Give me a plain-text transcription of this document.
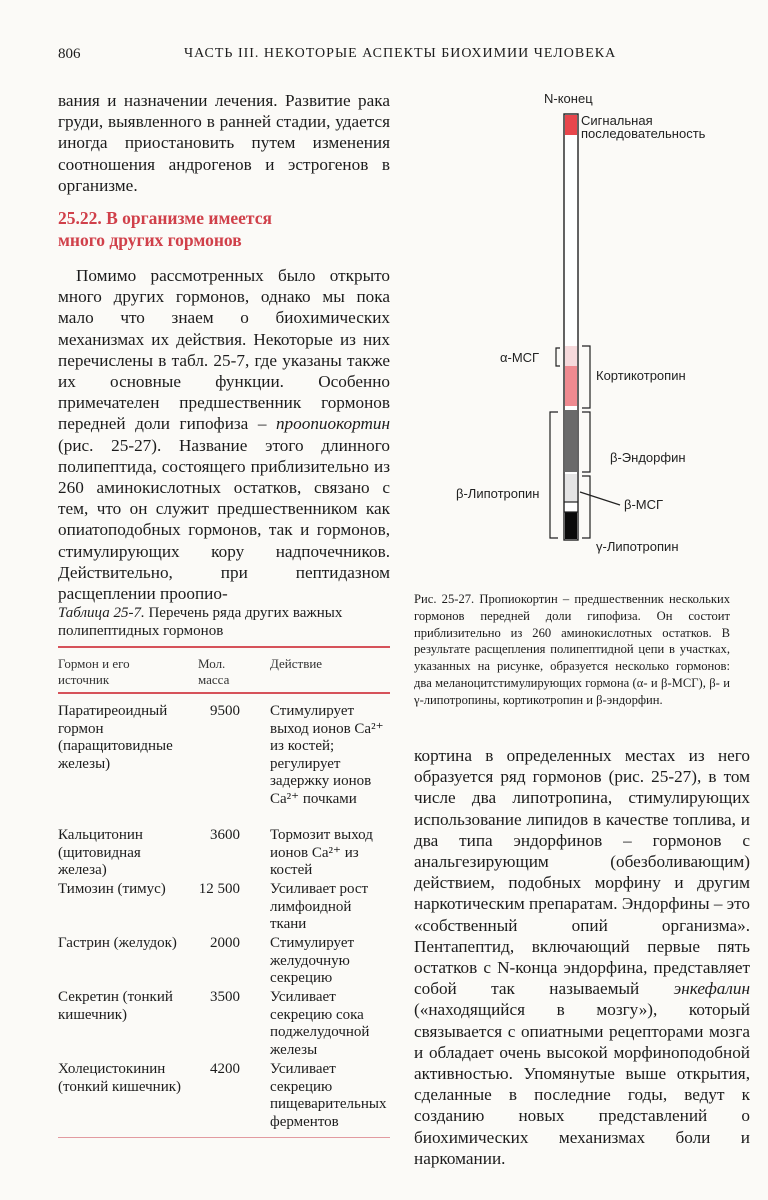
806	ЧАСТЬ III. НЕКОТОРЫЕ АСПЕКТЫ БИОХИМИИ ЧЕЛОВЕКА
вания и назначении лечения. Развитие рака груди, выявленного в ранней стадии, удается иногда приостановить путем изменения соотношения андрогенов и эстрогенов в организме.
25.22. В организме имеется
много других гормонов
Помимо рассмотренных было открыто много других гормонов, однако мы пока мало что знаем о биохимических механизмах их действия. Некоторые из них перечислены в табл. 25-7, где указаны также их основные функции. Особенно примечателен предшественник гормонов передней доли гипофиза – проопиокортин (рис. 25-27). Название этого длинного полипептида, состоящего приблизительно из 260 аминокислотных остатков, связано с тем, что он служит предшественником как опиатоподобных гормонов, так и гормонов, стимулирующих кору надпочечников. Действительно, при пептидазном расщеплении проопио-
Таблица 25-7. Перечень ряда других важных полипептидных гормонов
Гормон и его источник
Мол. масса
Действие
Паратиреоидный гормон (паращитовидные железы)
9500 Стимулирует выход ионов Ca²⁺ из костей; регулирует задержку ионов Ca²⁺ почками
Кальцитонин (щитовидная железа)
3600 Тормозит выход ионов Ca²⁺ из костей
Тимозин (тимус)	12 500 Усиливает рост лимфоидной ткани
Гастрин (желудок)	2000 Стимулирует желудочную секрецию
Секретин (тонкий кишечник)
3500 Усиливает секрецию сока поджелудочной железы
Холецистокинин (тонкий кишечник)
4200 Усиливает секрецию пищеварительных ферментов
N-конец
Сигнальная
последовательность
α-МСГ
Кортикотропин
β-Липотропин
β-Эндорфин
β-МСГ
γ-Липотропин
Рис. 25-27. Пропиокортин – предшественник нескольких гормонов передней доли гипофиза. Он состоит приблизительно из 260 аминокислотных остатков. В результате расщепления полипептидной цепи в участках, указанных на рисунке, образуется несколько гормонов: два меланоцитстимулирующих гормона (α- и β-МСГ), β- и γ-липотропины, кортикотропин и β-эндорфин.
кортина в определенных местах из него образуется ряд гормонов (рис. 25-27), в том числе два липотропина, стимулирующих использование липидов в качестве топлива, и два типа эндорфинов – гормонов с анальгезирующим (обезболивающим) действием, подобных морфину и другим наркотическим препаратам. Эндорфины – это «собственный опий организма». Пентапептид, включающий первые пять остатков с N-конца эндорфина, представляет собой так называемый энкефалин («находящийся в мозгу»), который связывается с опиатными рецепторами мозга и обладает очень высокой морфиноподобной активностью. Упомянутые выше открытия, сделанные в последние годы, ведут к созданию новых представлений о биохимических механизмах боли и наркомании.
